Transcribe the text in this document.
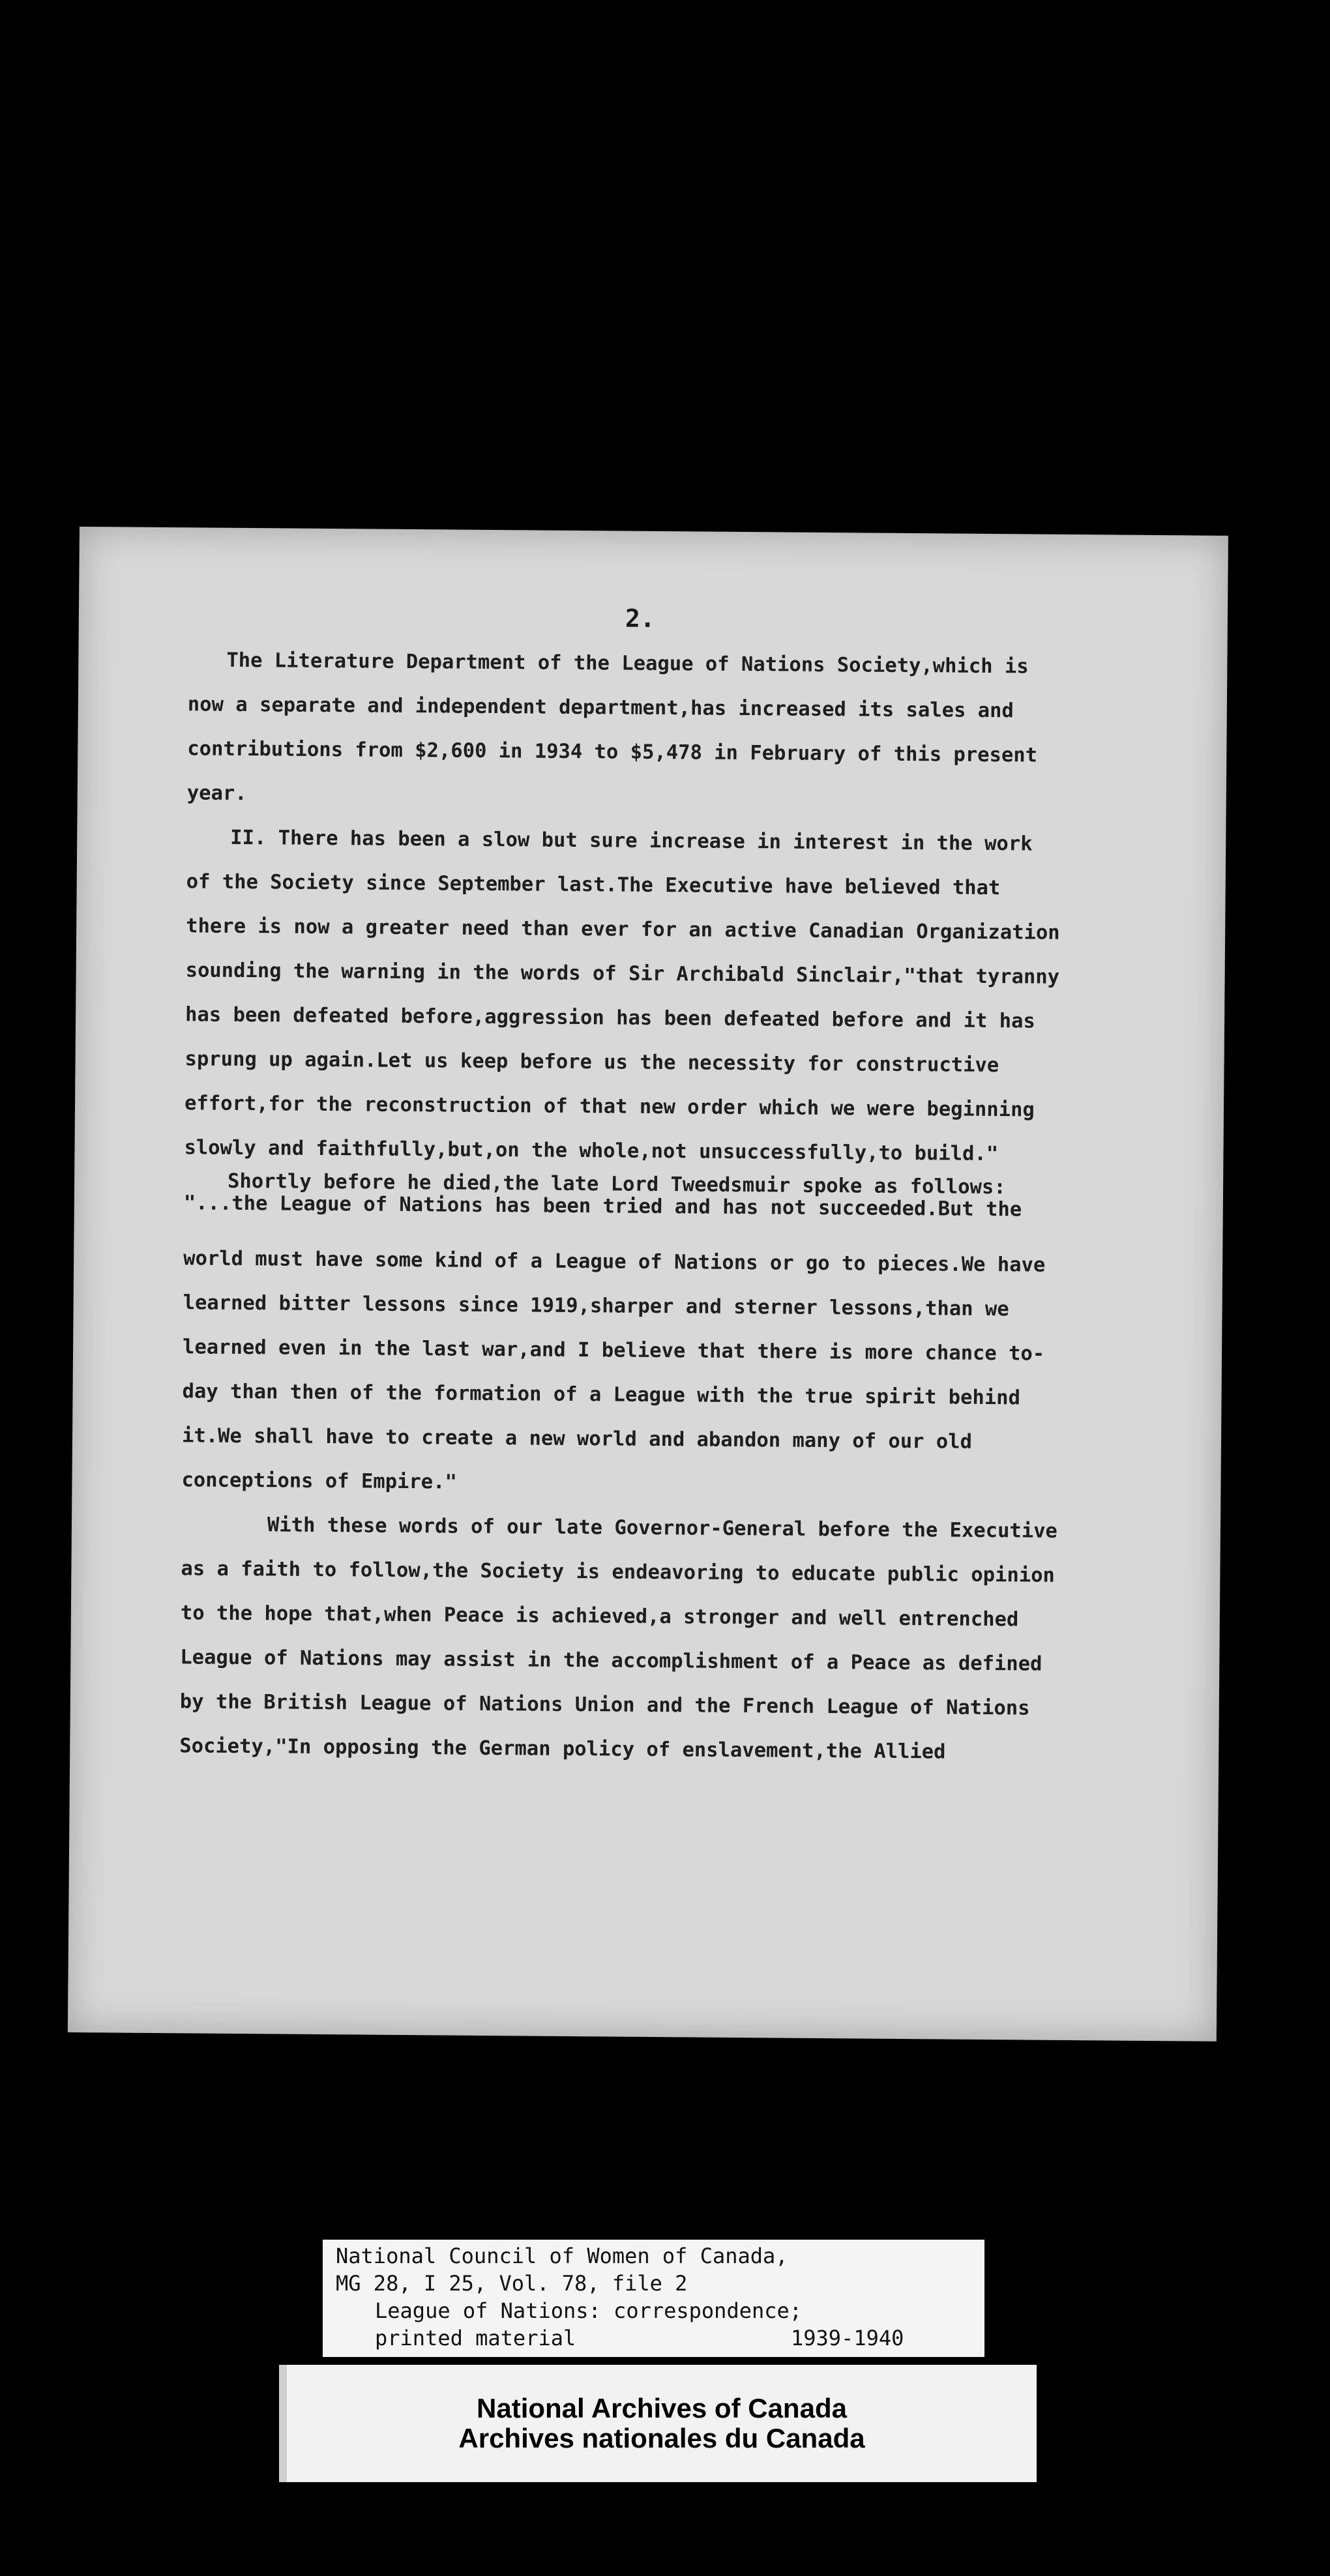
2.
The Literature Department of the League of Nations Society,which is
now a separate and independent department,has increased its sales and
contributions from $2,600 in 1934 to $5,478 in February of this present
year.
II. There has been a slow but sure increase in interest in the work
of the Society since September last.The Executive have believed that
there is now a greater need than ever for an active Canadian Organization
sounding the warning in the words of Sir Archibald Sinclair,"that tyranny
has been defeated before,aggression has been defeated before and it has
sprung up again.Let us keep before us the necessity for constructive
effort,for the reconstruction of that new order which we were beginning
slowly and faithfully,but,on the whole,not unsuccessfully,to build."
Shortly before he died,the late Lord Tweedsmuir spoke as follows:
"...the League of Nations has been tried and has not succeeded.But the
world must have some kind of a League of Nations or go to pieces.We have
learned bitter lessons since 1919,sharper and sterner lessons,than we
learned even in the last war,and I believe that there is more chance to-
day than then of the formation of a League with the true spirit behind
it.We shall have to create a new world and abandon many of our old
conceptions of Empire."
With these words of our late Governor-General before the Executive
as a faith to follow,the Society is endeavoring to educate public opinion
to the hope that,when Peace is achieved,a stronger and well entrenched
League of Nations may assist in the accomplishment of a Peace as defined
by the British League of Nations Union and the French League of Nations
Society,"In opposing the German policy of enslavement,the Allied
National Council of Women of Canada,
MG 28, I 25, Vol. 78, file 2
League of Nations: correspondence;
printed material	1939-1940
National Archives of Canada
Archives nationales du Canada
